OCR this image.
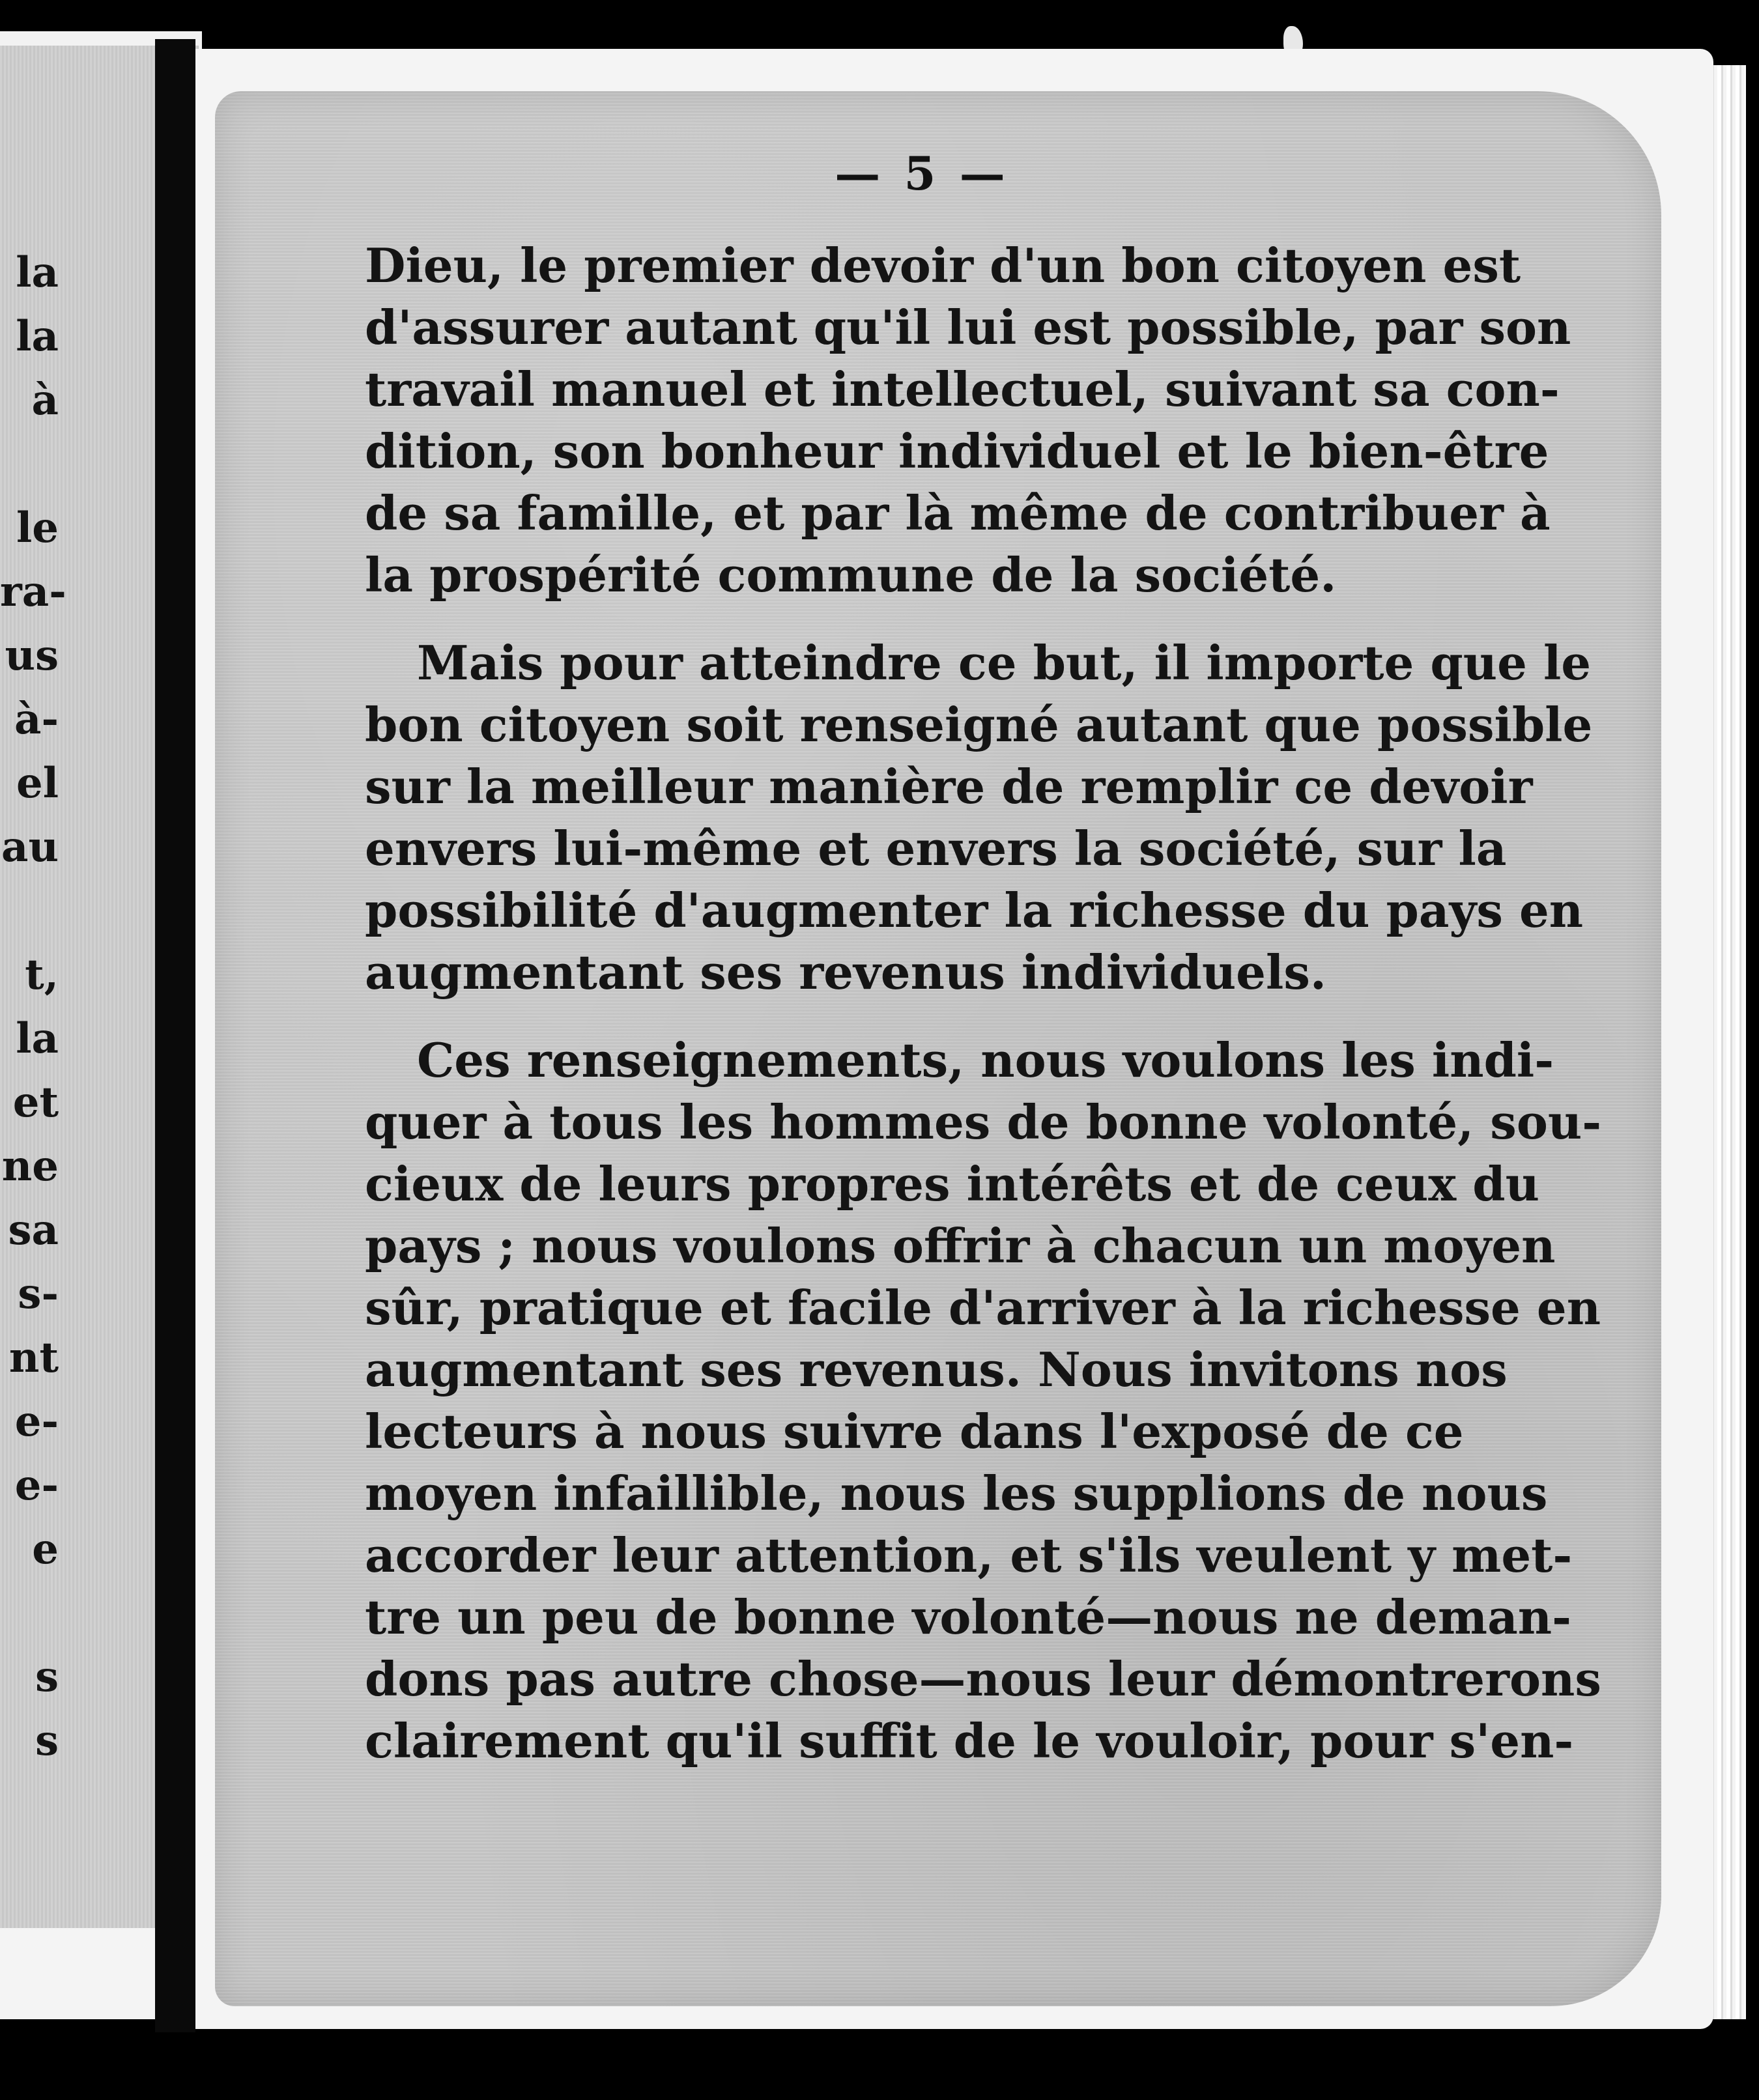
la
la
à
le
ra-
us
à-
el
au
t,
la
et
ne
sa
s-
nt
e-
e-
e
s
s
— 5 —

Dieu, le premier devoir d'un bon citoyen est
d'assurer autant qu'il lui est possible, par son
travail manuel et intellectuel, suivant sa con-
dition, son bonheur individuel et le bien-être
de sa famille, et par là même de contribuer à
la prospérité commune de la société.

Mais pour atteindre ce but, il importe que le
bon citoyen soit renseigné autant que possible
sur la meilleur manière de remplir ce devoir
envers lui-même et envers la société, sur la
possibilité d'augmenter la richesse du pays en
augmentant ses revenus individuels.

Ces renseignements, nous voulons les indi-
quer à tous les hommes de bonne volonté, sou-
cieux de leurs propres intérêts et de ceux du
pays ; nous voulons offrir à chacun un moyen
sûr, pratique et facile d'arriver à la richesse en
augmentant ses revenus. Nous invitons nos
lecteurs à nous suivre dans l'exposé de ce
moyen infaillible, nous les supplions de nous
accorder leur attention, et s'ils veulent y met-
tre un peu de bonne volonté—nous ne deman-
dons pas autre chose—nous leur démontrerons
clairement qu'il suffit de le vouloir, pour s'en-
